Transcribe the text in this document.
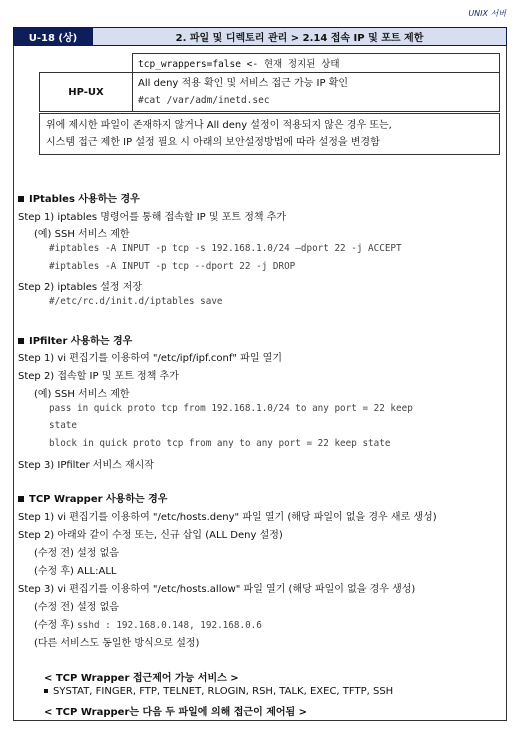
UNIX 서버
U-18 (상)	2. 파일 및 디렉토리 관리 > 2.14 접속 IP 및 포트 제한
	tcp_wrappers=false <- 현재 정지된 상태
HP-UX	All deny 적용 확인 및 서비스 접근 가능 IP 확인
#cat /var/adm/inetd.sec
위에 제시한 파일이 존재하지 않거나 All deny 설정이 적용되지 않은 경우 또는,
시스템 접근 제한 IP 설정 필요 시 아래의 보안설정방법에 따라 설정을 변경함
IPtables 사용하는 경우
Step 1) iptables 명령어를 통해 접속할 IP 및 포트 정책 추가
(예) SSH 서비스 제한
#iptables -A INPUT -p tcp -s 192.168.1.0/24 —dport 22 -j ACCEPT
#iptables -A INPUT -p tcp --dport 22 -j DROP
Step 2) iptables 설정 저장
#/etc/rc.d/init.d/iptables save
IPfilter 사용하는 경우
Step 1) vi 편집기를 이용하여 "/etc/ipf/ipf.conf" 파일 열기
Step 2) 접속할 IP 및 포트 정책 추가
(예) SSH 서비스 제한
pass in quick proto tcp from 192.168.1.0/24 to any port = 22 keep
state
block in quick proto tcp from any to any port = 22 keep state
Step 3) IPfilter 서비스 재시작
TCP Wrapper 사용하는 경우
Step 1) vi 편집기를 이용하여 "/etc/hosts.deny" 파일 열기 (해당 파일이 없을 경우 새로 생성)
Step 2) 아래와 같이 수정 또는, 신규 삽입 (ALL Deny 설정)
(수정 전) 설정 없음
(수정 후) ALL:ALL
Step 3) vi 편집기를 이용하여 "/etc/hosts.allow" 파일 열기 (해당 파일이 없을 경우 생성)
(수정 전) 설정 없음
(수정 후) sshd : 192.168.0.148, 192.168.0.6
(다른 서비스도 동일한 방식으로 설정)
< TCP Wrapper 접근제어 가능 서비스 >
SYSTAT, FINGER, FTP, TELNET, RLOGIN, RSH, TALK, EXEC, TFTP, SSH
< TCP Wrapper는 다음 두 파일에 의해 접근이 제어됨 >
